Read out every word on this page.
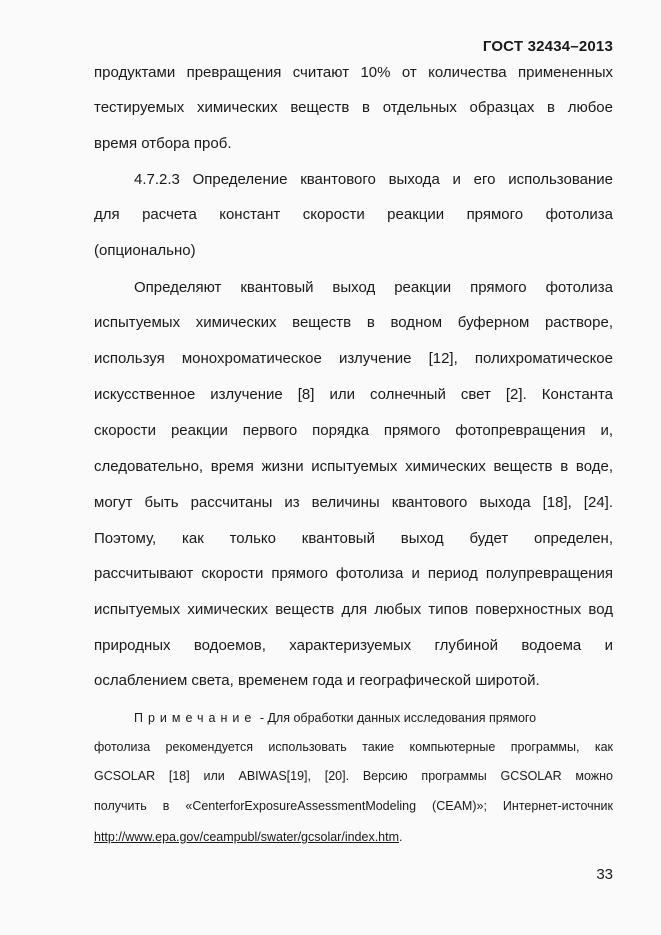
ГОСТ 32434–2013
продуктами превращения считают 10% от количества примененных
тестируемых химических веществ в отдельных образцах в любое
время отбора проб.
4.7.2.3 Определение квантового выхода и его использование
для расчета констант скорости реакции прямого фотолиза
(опционально)
Определяют квантовый выход реакции прямого фотолиза
испытуемых химических веществ в водном буферном растворе,
используя монохроматическое излучение [12], полихроматическое
искусственное излучение [8] или солнечный свет [2]. Константа
скорости реакции первого порядка прямого фотопревращения и,
следовательно, время жизни испытуемых химических веществ в воде,
могут быть рассчитаны из величины квантового выхода [18], [24].
Поэтому, как только квантовый выход будет определен,
рассчитывают скорости прямого фотолиза и период полупревращения
испытуемых химических веществ для любых типов поверхностных вод
природных водоемов, характеризуемых глубиной водоема и
ослаблением света, временем года и географической широтой.
Примечание - Для обработки данных исследования прямого
фотолиза рекомендуется использовать такие компьютерные программы, как
GCSOLAR [18] или ABIWAS[19], [20]. Версию программы GCSOLAR можно
получить в «CenterforExposureAssessmentModeling (CEAM)»; Интернет-источник
http://www.epa.gov/ceampubl/swater/gcsolar/index.htm.
33
